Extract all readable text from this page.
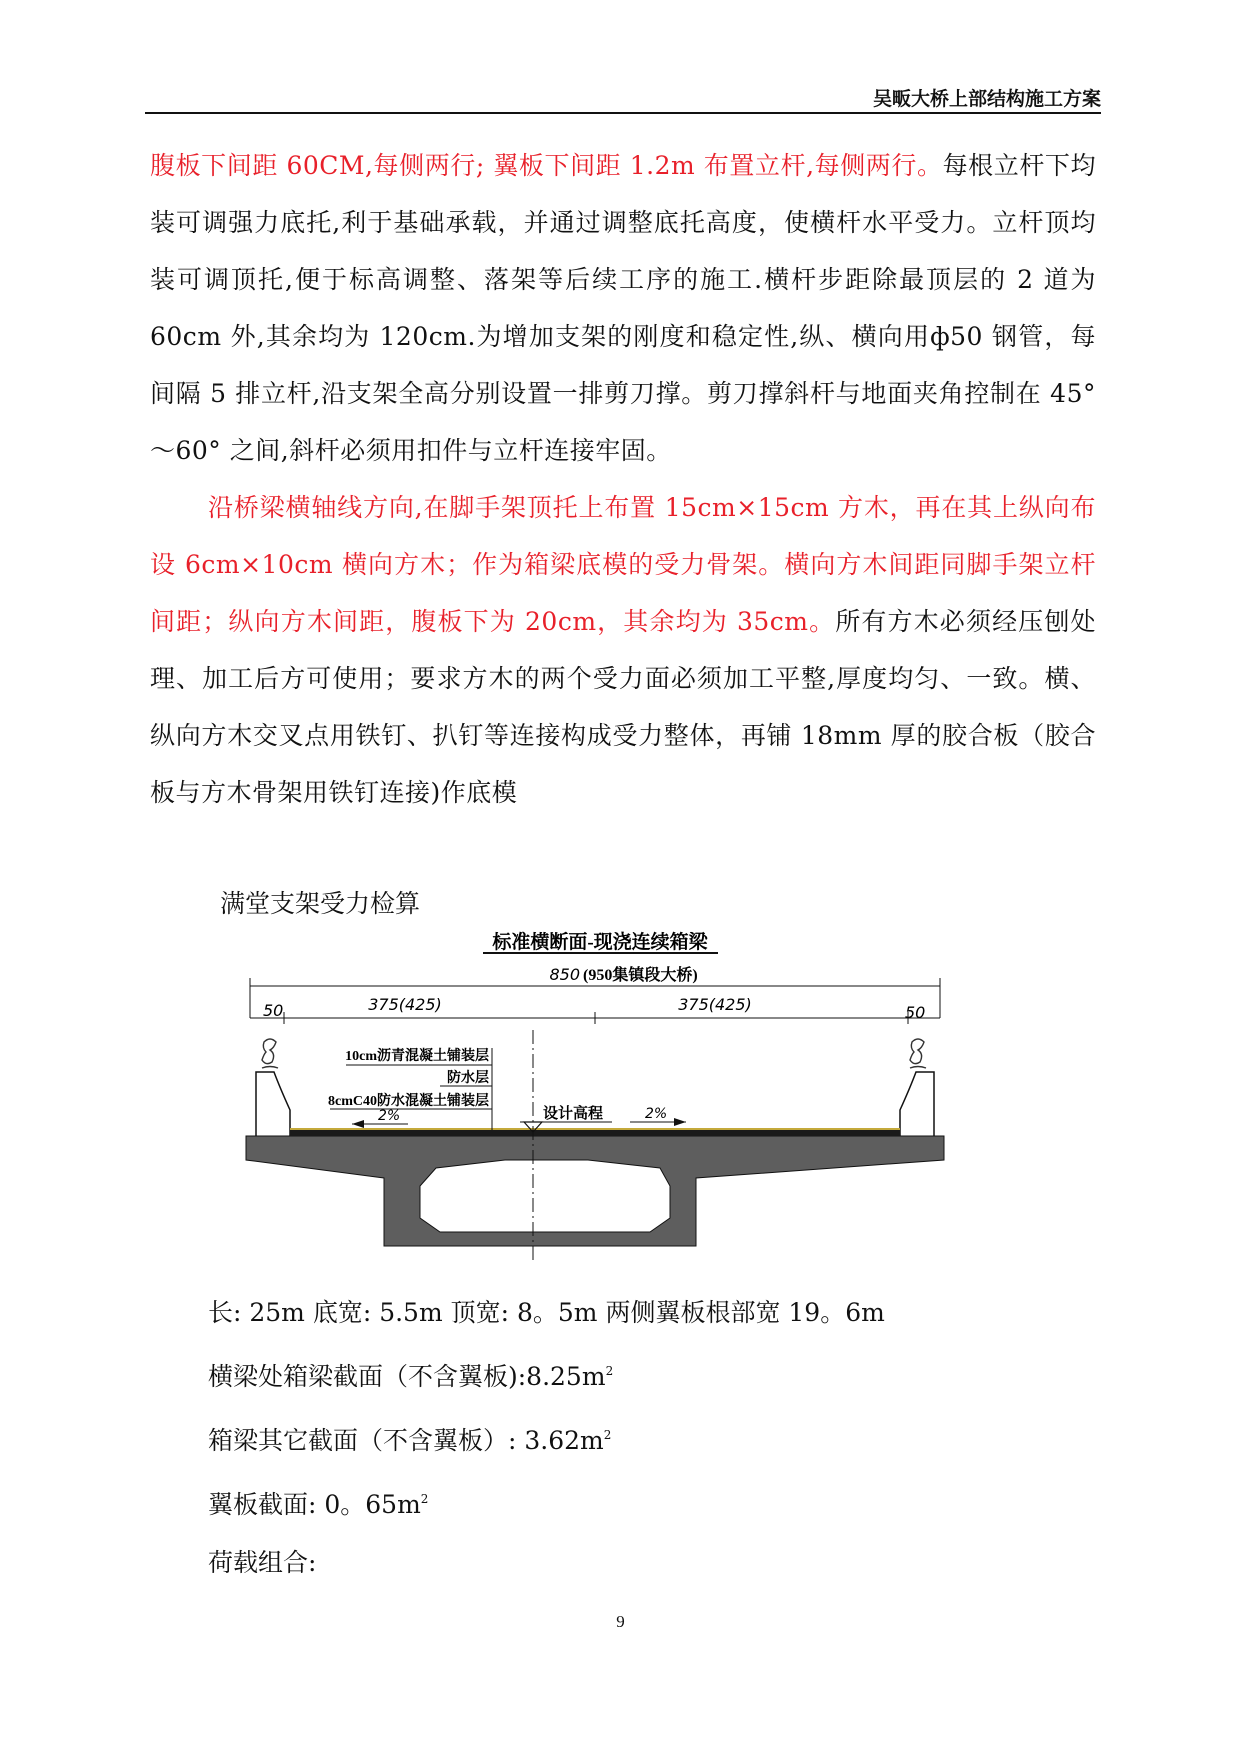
吴畈大桥上部结构施工方案

腹板下间距 60CM,每侧两行; 翼板下间距 1.2m 布置立杆,每侧两行。每根立杆下均装可调强力底托,利于基础承载，并通过调整底托高度，使横杆水平受力。立杆顶均装可调顶托,便于标高调整、落架等后续工序的施工.横杆步距除最顶层的 2 道为 60cm 外,其余均为 120cm.为增加支架的刚度和稳定性,纵、横向用ф50 钢管，每间隔 5 排立杆,沿支架全高分别设置一排剪刀撑。剪刀撑斜杆与地面夹角控制在 45° ～60° 之间,斜杆必须用扣件与立杆连接牢固。

沿桥梁横轴线方向,在脚手架顶托上布置 15cm×15cm 方木，再在其上纵向布设 6cm×10cm 横向方木；作为箱梁底模的受力骨架。横向方木间距同脚手架立杆间距；纵向方木间距，腹板下为 20cm，其余均为 35cm。所有方木必须经压刨处理、加工后方可使用；要求方木的两个受力面必须加工平整,厚度均匀、一致。横、纵向方木交叉点用铁钉、扒钉等连接构成受力整体，再铺 18mm 厚的胶合板（胶合板与方木骨架用铁钉连接)作底模

满堂支架受力检算
标准横断面-现浇连续箱梁
850 (950集镇段大桥)
50	375(425)	375(425)	50
10cm沥青混凝土铺装层
防水层
8cmC40防水混凝土铺装层
设计高程
2%	2%

长: 25m 底宽: 5.5m 顶宽: 8。5m 两侧翼板根部宽 19。6m

横梁处箱梁截面（不含翼板)$:8.25m^2$

箱梁其它截面（不含翼板）: $3.62m^2$

翼板截面: 0。$65m^2$

荷载组合:

9
